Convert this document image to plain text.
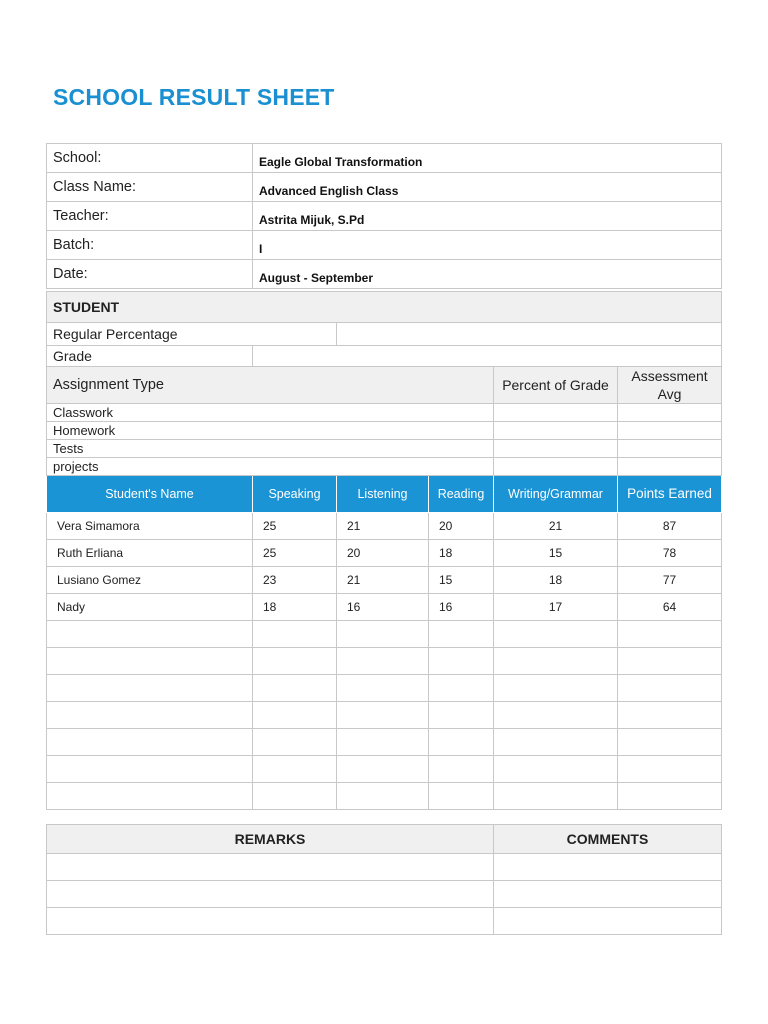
SCHOOL RESULT SHEET
School:	Eagle Global Transformation
Class Name:	Advanced English Class
Teacher:	Astrita Mijuk, S.Pd
Batch:	I
Date:	August - September
STUDENT					
Regular Percentage					
Grade					
Assignment Type				Percent of Grade	Assessment Avg
Classwork					
Homework					
Tests					
projects					
Student's Name	Speaking	Listening	Reading	Writing/Grammar	Points Earned
Vera Simamora	25	21	20	21	87
Ruth Erliana	25	20	18	15	78
Lusiano Gomez	23	21	15	18	77
Nady	18	16	16	17	64

REMARKS	COMMENTS
